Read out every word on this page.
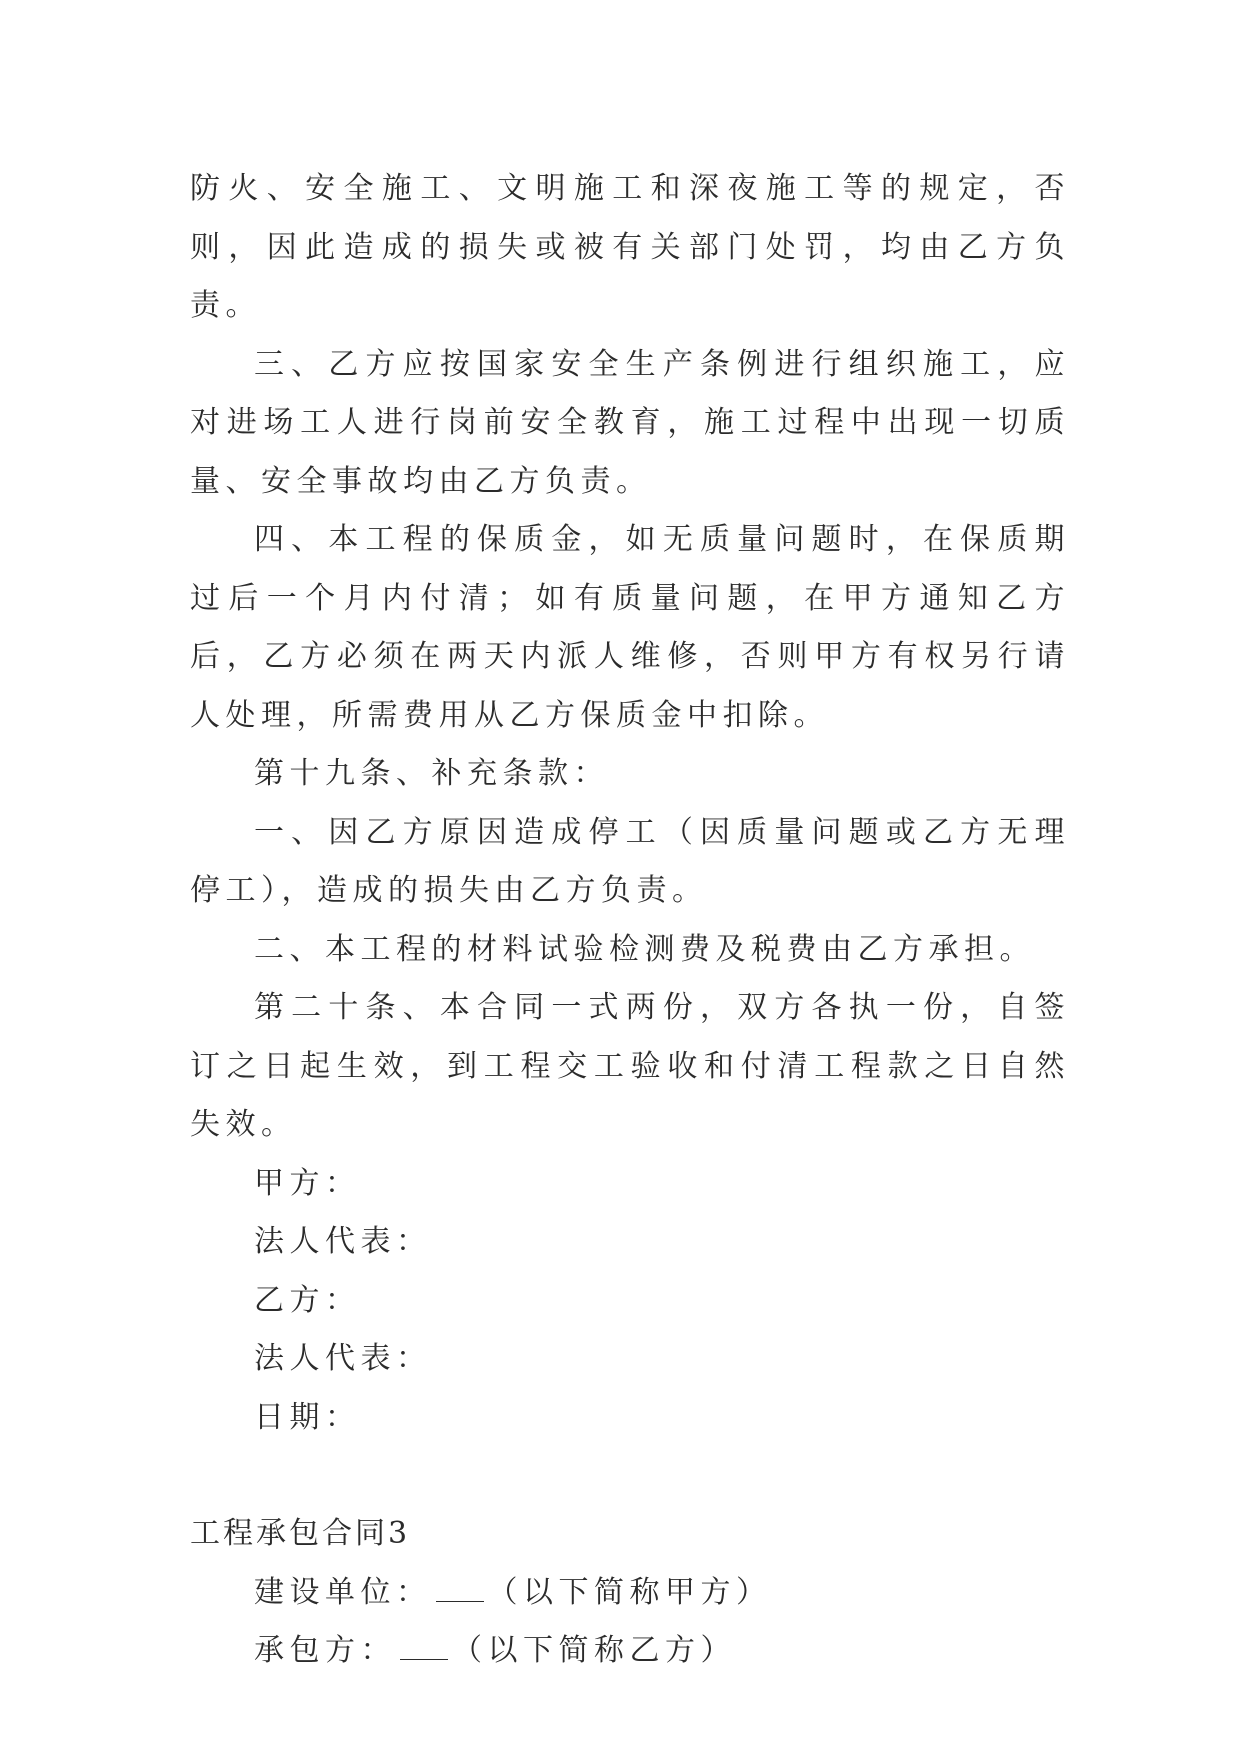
防火、安全施工、文明施工和深夜施工等的规定，否则，因此造成的损失或被有关部门处罚，均由乙方负责。

三、乙方应按国家安全生产条例进行组织施工，应对进场工人进行岗前安全教育，施工过程中出现一切质量、安全事故均由乙方负责。

四、本工程的保质金，如无质量问题时，在保质期过后一个月内付清；如有质量问题，在甲方通知乙方后，乙方必须在两天内派人维修，否则甲方有权另行请人处理，所需费用从乙方保质金中扣除。

第十九条、补充条款：

一、因乙方原因造成停工（因质量问题或乙方无理停工），造成的损失由乙方负责。

二、本工程的材料试验检测费及税费由乙方承担。

第二十条、本合同一式两份，双方各执一份，自签订之日起生效，到工程交工验收和付清工程款之日自然失效。

甲方：

法人代表：

乙方：

法人代表：

日期：

工程承包合同3

建设单位： （以下简称甲方）

承包方： （以下简称乙方）
